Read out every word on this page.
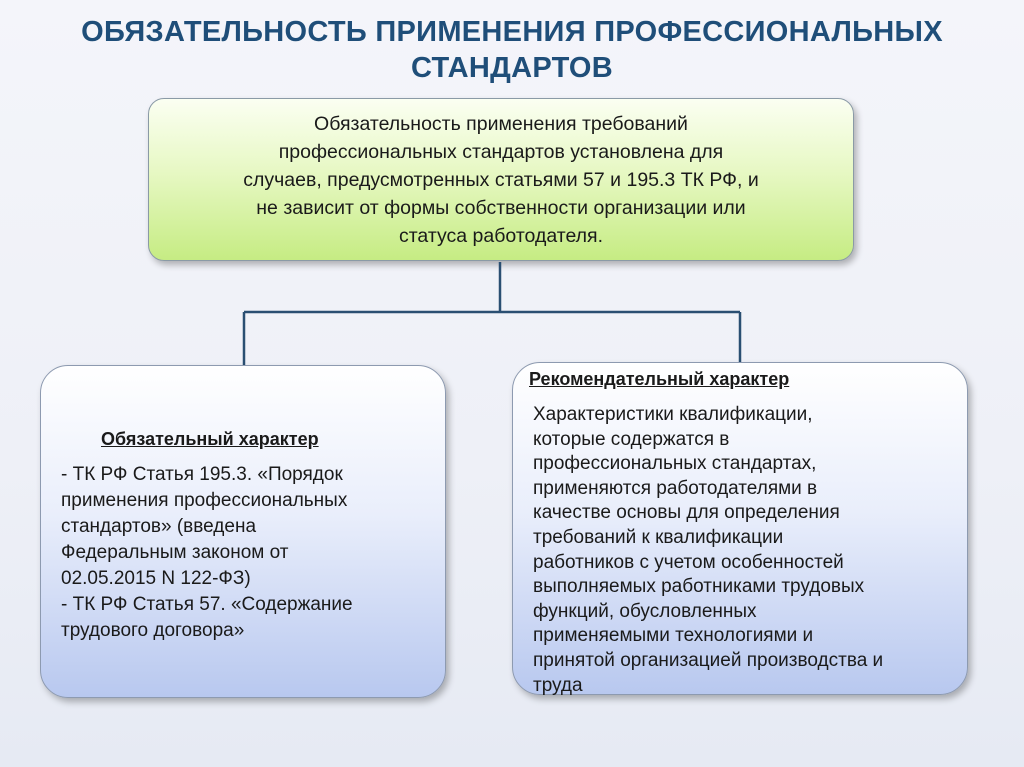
ОБЯЗАТЕЛЬНОСТЬ ПРИМЕНЕНИЯ ПРОФЕССИОНАЛЬНЫХ
СТАНДАРТОВ
Обязательность применения требований
профессиональных стандартов установлена для
случаев, предусмотренных статьями 57 и 195.3 ТК РФ, и
не зависит от формы собственности организации или
статуса работодателя.
Обязательный характер
- ТК РФ Статья 195.3. «Порядок
применения профессиональных
стандартов» (введена
Федеральным законом от
02.05.2015 N 122-ФЗ)
- ТК РФ Статья 57. «Содержание
трудового договора»
Рекомендательный характер
Характеристики квалификации,
которые содержатся в
профессиональных стандартах,
применяются работодателями в
качестве основы для определения
требований к квалификации
работников с учетом особенностей
выполняемых работниками трудовых
функций, обусловленных
применяемыми технологиями и
принятой организацией производства и
труда
